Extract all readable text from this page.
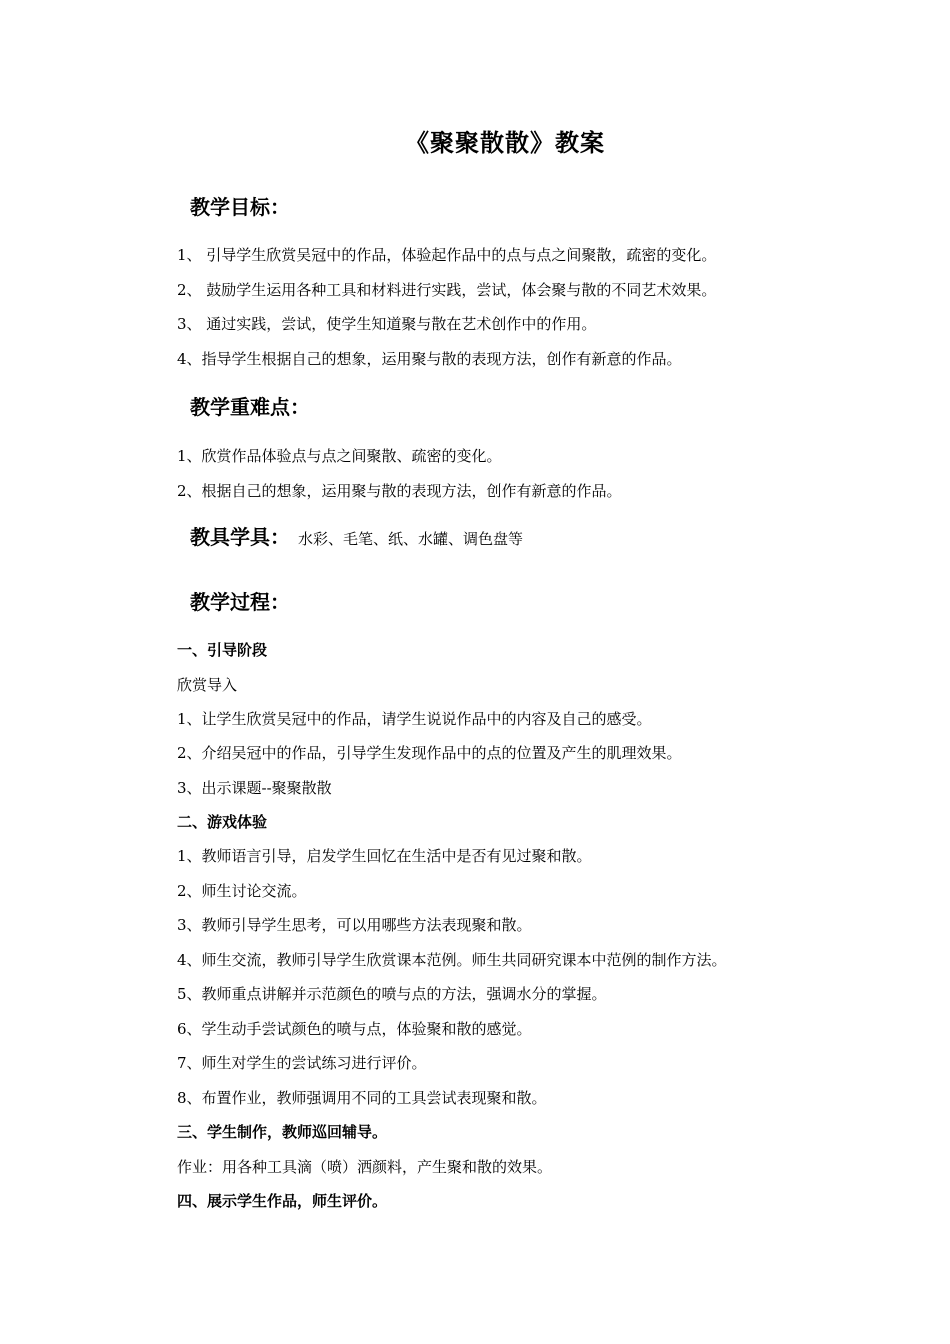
《聚聚散散》教案
教学目标：

1、 引导学生欣赏吴冠中的作品，体验起作品中的点与点之间聚散，疏密的变化。

2、 鼓励学生运用各种工具和材料进行实践，尝试，体会聚与散的不同艺术效果。

3、 通过实践，尝试，使学生知道聚与散在艺术创作中的作用。

4、指导学生根据自己的想象，运用聚与散的表现方法，创作有新意的作品。

教学重难点：

1、欣赏作品体验点与点之间聚散、疏密的变化。

2、根据自己的想象，运用聚与散的表现方法，创作有新意的作品。

教具学具： 水彩、毛笔、纸、水罐、调色盘等
教学过程：

一、引导阶段

欣赏导入

1、让学生欣赏吴冠中的作品，请学生说说作品中的内容及自己的感受。

2、介绍吴冠中的作品，引导学生发现作品中的点的位置及产生的肌理效果。

3、出示课题--聚聚散散

二、游戏体验

1、教师语言引导，启发学生回忆在生活中是否有见过聚和散。

2、师生讨论交流。

3、教师引导学生思考，可以用哪些方法表现聚和散。

4、师生交流，教师引导学生欣赏课本范例。师生共同研究课本中范例的制作方法。

5、教师重点讲解并示范颜色的喷与点的方法，强调水分的掌握。

6、学生动手尝试颜色的喷与点，体验聚和散的感觉。

7、师生对学生的尝试练习进行评价。

8、布置作业，教师强调用不同的工具尝试表现聚和散。

三、学生制作，教师巡回辅导。

作业：用各种工具滴（喷）洒颜料，产生聚和散的效果。

四、展示学生作品，师生评价。
